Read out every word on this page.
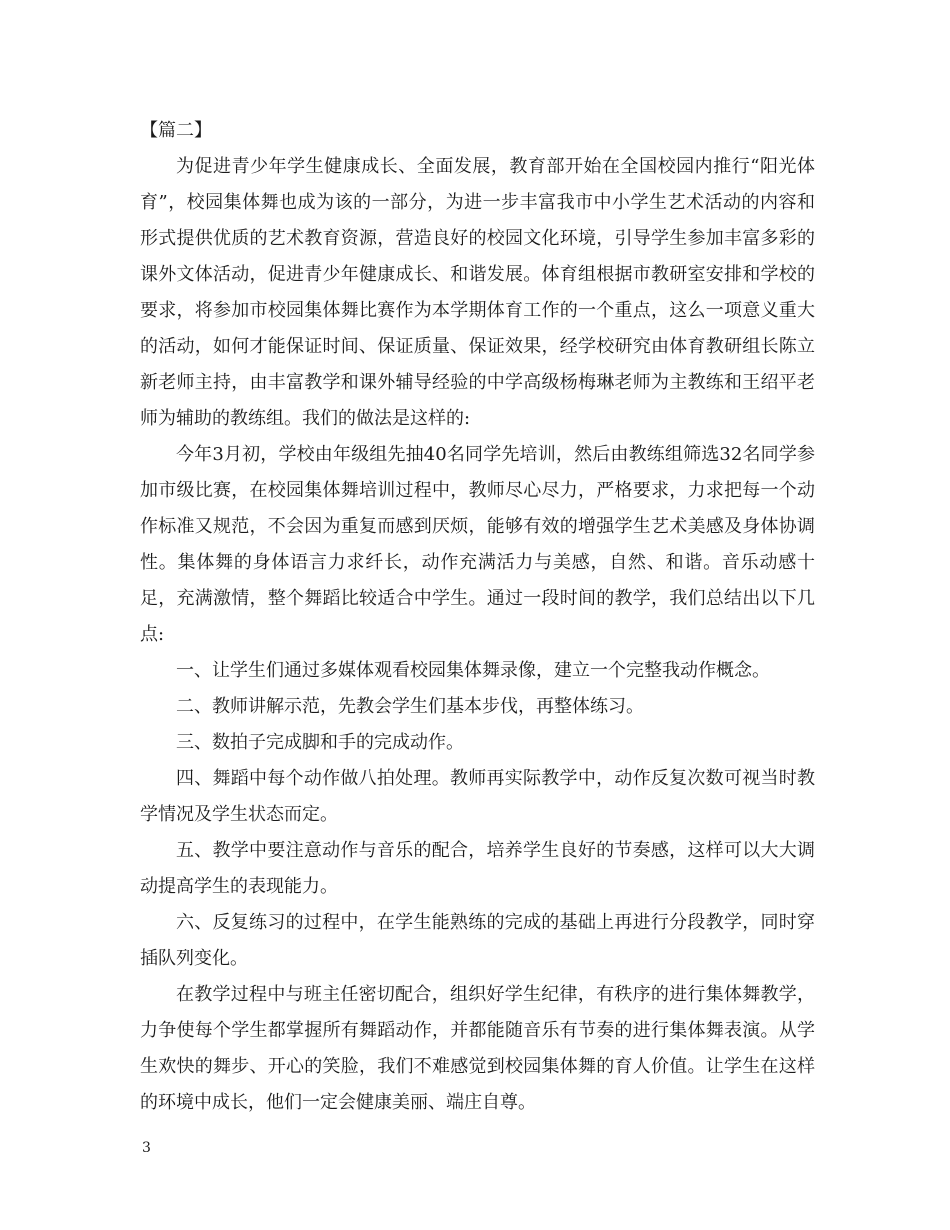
【篇二】

为促进青少年学生健康成长、全面发展，教育部开始在全国校园内推行“阳光体育”，校园集体舞也成为该的一部分，为进一步丰富我市中小学生艺术活动的内容和形式提供优质的艺术教育资源，营造良好的校园文化环境，引导学生参加丰富多彩的课外文体活动，促进青少年健康成长、和谐发展。体育组根据市教研室安排和学校的要求，将参加市校园集体舞比赛作为本学期体育工作的一个重点，这么一项意义重大的活动，如何才能保证时间、保证质量、保证效果，经学校研究由体育教研组长陈立新老师主持，由丰富教学和课外辅导经验的中学高级杨梅琳老师为主教练和王绍平老师为辅助的教练组。我们的做法是这样的:

今年3月初，学校由年级组先抽40名同学先培训，然后由教练组筛选32名同学参加市级比赛，在校园集体舞培训过程中，教师尽心尽力，严格要求，力求把每一个动作标准又规范，不会因为重复而感到厌烦，能够有效的增强学生艺术美感及身体协调性。集体舞的身体语言力求纤长，动作充满活力与美感，自然、和谐。音乐动感十足，充满激情，整个舞蹈比较适合中学生。通过一段时间的教学，我们总结出以下几点:

一、让学生们通过多媒体观看校园集体舞录像，建立一个完整我动作概念。

二、教师讲解示范，先教会学生们基本步伐，再整体练习。

三、数拍子完成脚和手的完成动作。

四、舞蹈中每个动作做八拍处理。教师再实际教学中，动作反复次数可视当时教学情况及学生状态而定。

五、教学中要注意动作与音乐的配合，培养学生良好的节奏感，这样可以大大调动提高学生的表现能力。

六、反复练习的过程中，在学生能熟练的完成的基础上再进行分段教学，同时穿插队列变化。

在教学过程中与班主任密切配合，组织好学生纪律，有秩序的进行集体舞教学，力争使每个学生都掌握所有舞蹈动作，并都能随音乐有节奏的进行集体舞表演。从学生欢快的舞步、开心的笑脸，我们不难感觉到校园集体舞的育人价值。让学生在这样的环境中成长，他们一定会健康美丽、端庄自尊。

3
